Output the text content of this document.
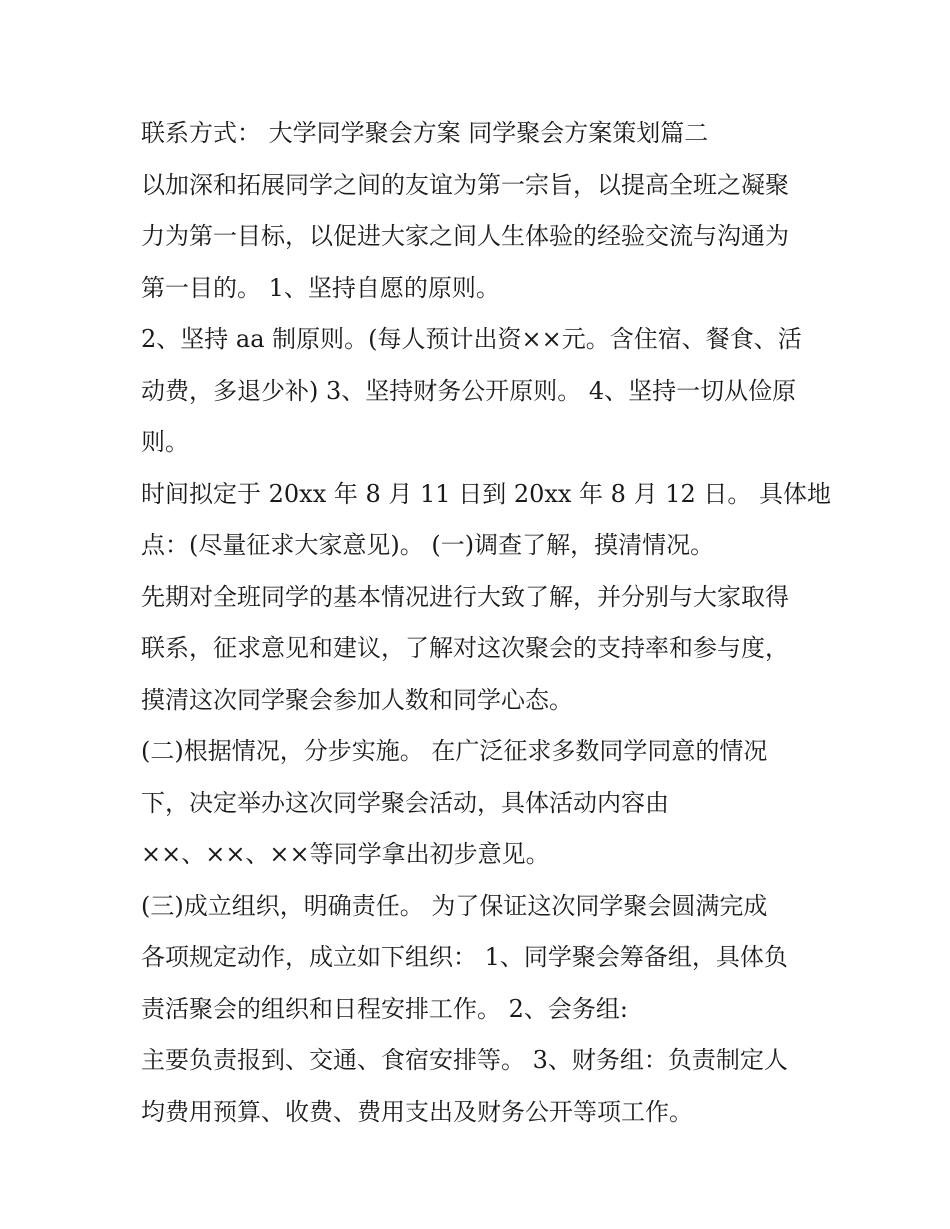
联系方式： 大学同学聚会方案 同学聚会方案策划篇二
以加深和拓展同学之间的友谊为第一宗旨，以提高全班之凝聚
力为第一目标，以促进大家之间人生体验的经验交流与沟通为
第一目的。 1、坚持自愿的原则。
2、坚持 aa 制原则。(每人预计出资××元。含住宿、餐食、活
动费，多退少补) 3、坚持财务公开原则。 4、坚持一切从俭原
则。
时间拟定于 20xx 年 8 月 11 日到 20xx 年 8 月 12 日。 具体地
点：(尽量征求大家意见)。 (一)调查了解，摸清情况。
先期对全班同学的基本情况进行大致了解，并分别与大家取得
联系，征求意见和建议，了解对这次聚会的支持率和参与度，
摸清这次同学聚会参加人数和同学心态。
(二)根据情况，分步实施。 在广泛征求多数同学同意的情况
下，决定举办这次同学聚会活动，具体活动内容由
××、××、××等同学拿出初步意见。
(三)成立组织，明确责任。 为了保证这次同学聚会圆满完成
各项规定动作，成立如下组织： 1、同学聚会筹备组，具体负
责活聚会的组织和日程安排工作。 2、会务组:
主要负责报到、交通、食宿安排等。 3、财务组：负责制定人
均费用预算、收费、费用支出及财务公开等项工作。
